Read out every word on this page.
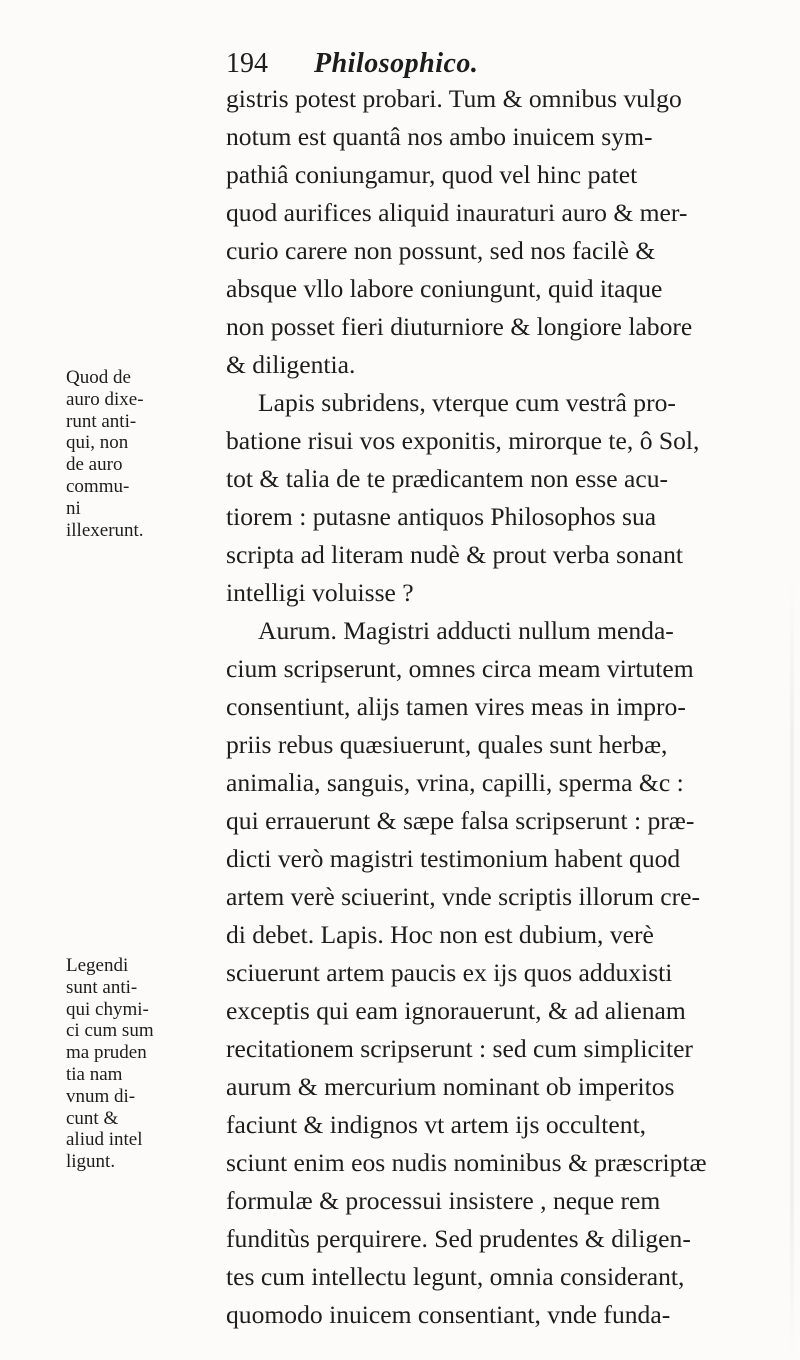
194 Philosophico.
gistris potest probari. Tum & omnibus vulgo
notum est quantâ nos ambo inuicem sym-
pathiâ coniungamur, quod vel hinc patet
quod aurifices aliquid inauraturi auro & mer-
curio carere non possunt, sed nos facilè &
absque vllo labore coniungunt, quid itaque
non posset fieri diuturniore & longiore labore
& diligentia.
Lapis subridens, vterque cum vestrâ pro-
batione risui vos exponitis, mirorque te, ô Sol,
tot & talia de te prædicantem non esse acu-
tiorem : putasne antiquos Philosophos sua
scripta ad literam nudè & prout verba sonant
intelligi voluisse ?
Aurum. Magistri adducti nullum menda-
cium scripserunt, omnes circa meam virtutem
consentiunt, alijs tamen vires meas in impro-
priis rebus quæsiuerunt, quales sunt herbæ,
animalia, sanguis, vrina, capilli, sperma &c :
qui errauerunt & sæpe falsa scripserunt : præ-
dicti verò magistri testimonium habent quod
artem verè sciuerint, vnde scriptis illorum cre-
di debet. Lapis. Hoc non est dubium, verè
sciuerunt artem paucis ex ijs quos adduxisti
exceptis qui eam ignorauerunt, & ad alienam
recitationem scripserunt : sed cum simpliciter
aurum & mercurium nominant ob imperitos
faciunt & indignos vt artem ijs occultent,
sciunt enim eos nudis nominibus & præscriptæ
formulæ & processui insistere , neque rem
funditùs perquirere. Sed prudentes & diligen-
tes cum intellectu legunt, omnia considerant,
quomodo inuicem consentiant, vnde funda-
Quod de
auro dixe-
runt anti-
qui, non
de auro
commu-
ni
illexerunt.
Legendi
sunt anti-
qui chymi-
ci cum sum
ma pruden
tia nam
vnum di-
cunt &
aliud intel
ligunt.
